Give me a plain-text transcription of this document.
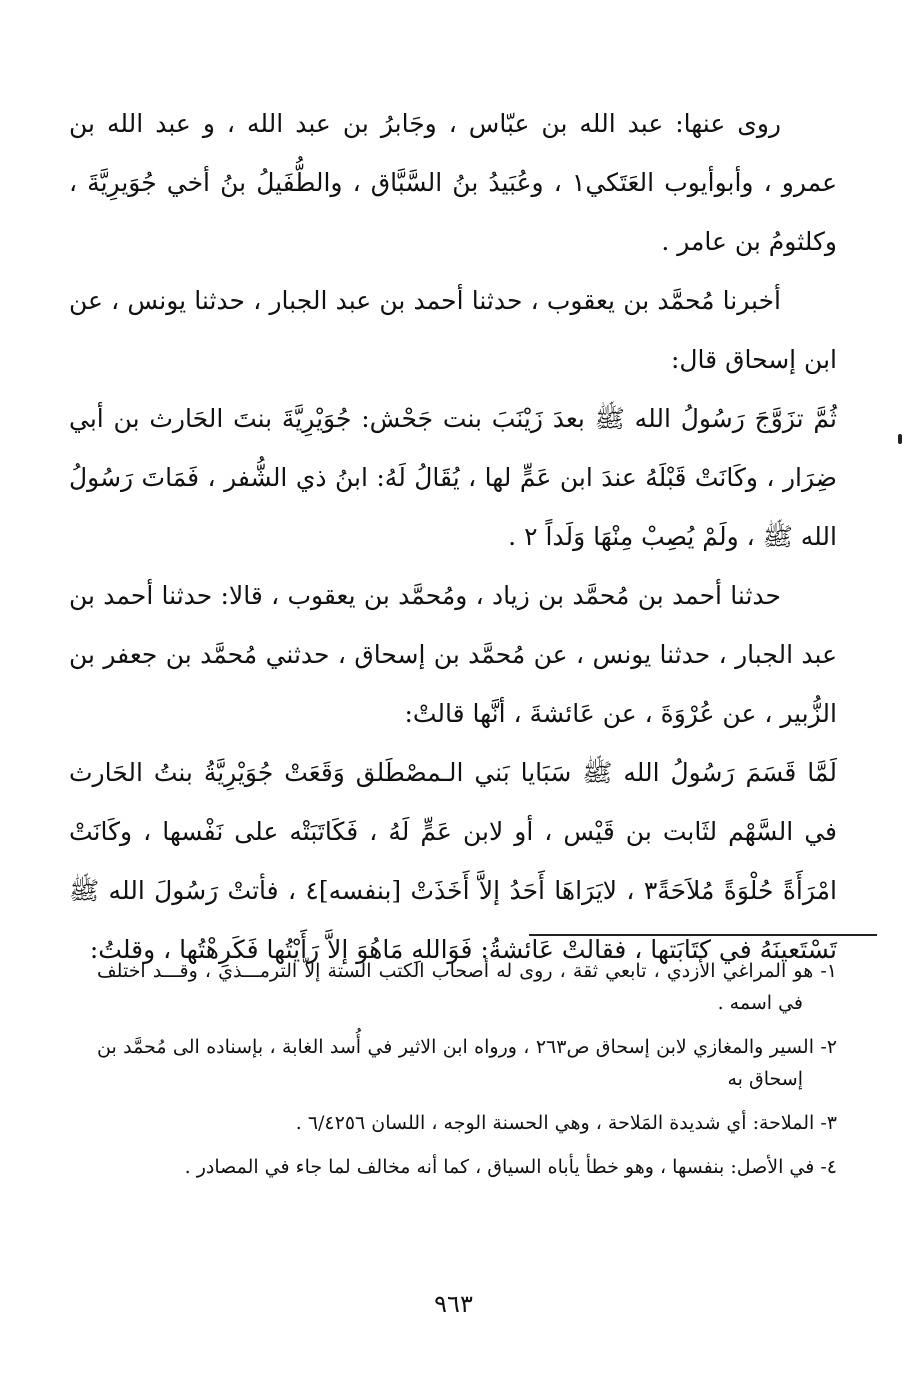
روى عنها: عبد الله بن عبّاس ، وجَابرُ بن عبد الله ، و عبد الله بن عمرو ، وأبوأيوب العَتَكي١ ، وعُبَيدُ بنُ السَّبَّاق ، والطُّفَيلُ بنُ أخي جُوَيرِيَّةَ ، وكلثومُ بن عامر .

أخبرنا مُحمَّد بن يعقوب ، حدثنا أحمد بن عبد الجبار ، حدثنا يونس ، عن ابن إسحاق قال:

ثُمَّ تزَوَّجَ رَسُولُ الله ﷺ بعدَ زَيْنَبَ بنت جَحْش: جُوَيْرِيَّةَ بنتَ الحَارث بن أبي ضِرَار ، وكَانَتْ قَبْلَهُ عندَ ابن عَمٍّ لها ، يُقَالُ لَهُ: ابنُ ذي الشُّفر ، فَمَاتَ رَسُولُ الله ﷺ ، ولَمْ يُصِبْ مِنْهَا وَلَداً ٢ .

حدثنا أحمد بن مُحمَّد بن زياد ، ومُحمَّد بن يعقوب ، قالا: حدثنا أحمد بن عبد الجبار ، حدثنا يونس ، عن مُحمَّد بن إسحاق ، حدثني مُحمَّد بن جعفر بن الزُّبير ، عن عُرْوَةَ ، عن عَائشةَ ، أنَّها قالتْ:

لَمَّا قَسَمَ رَسُولُ الله ﷺ سَبَايا بَني الـمصْطَلق وَقَعَتْ جُوَيْرِيَّةُ بنتُ الحَارث في السَّهْم لثَابت بن قَيْس ، أو لابن عَمٍّ لَهُ ، فَكَاتَبَتْه على نَفْسها ، وكَانَتْ امْرَأَةً حُلْوَةً مُلاَحَةً٣ ، لايَرَاهَا أَحَدُ إلاَّ أَخَذَتْ [بنفسه]٤ ، فأتتْ رَسُولَ الله ﷺ تَسْتَعينَهُ في كتَابَتها ، فقالتْ عَائشةُ: فَوَاللهِ مَاهُوَ إلاَّ رَأَيْتُها فَكَرِهْتُها ، وقلتُ:

١- هو المراغي الأزدي ، تابعي ثقة ، روى له أصحاب الكتب الستة إلاّ الترمـــذي ، وقـــد اختلف في اسمه .

٢- السير والمغازي لابن إسحاق ص٢٦٣ ، ورواه ابن الاثير في أُسد الغابة ، بإسناده الى مُحمَّد بن إسحاق به

٣- الملاحة: أي شديدة المَلاحة ، وهي الحسنة الوجه ، اللسان ٦/٤٢٥٦ .

٤- في الأصل: بنفسها ، وهو خطأ يأباه السياق ، كما أنه مخالف لما جاء في المصادر .

٩٦٣
